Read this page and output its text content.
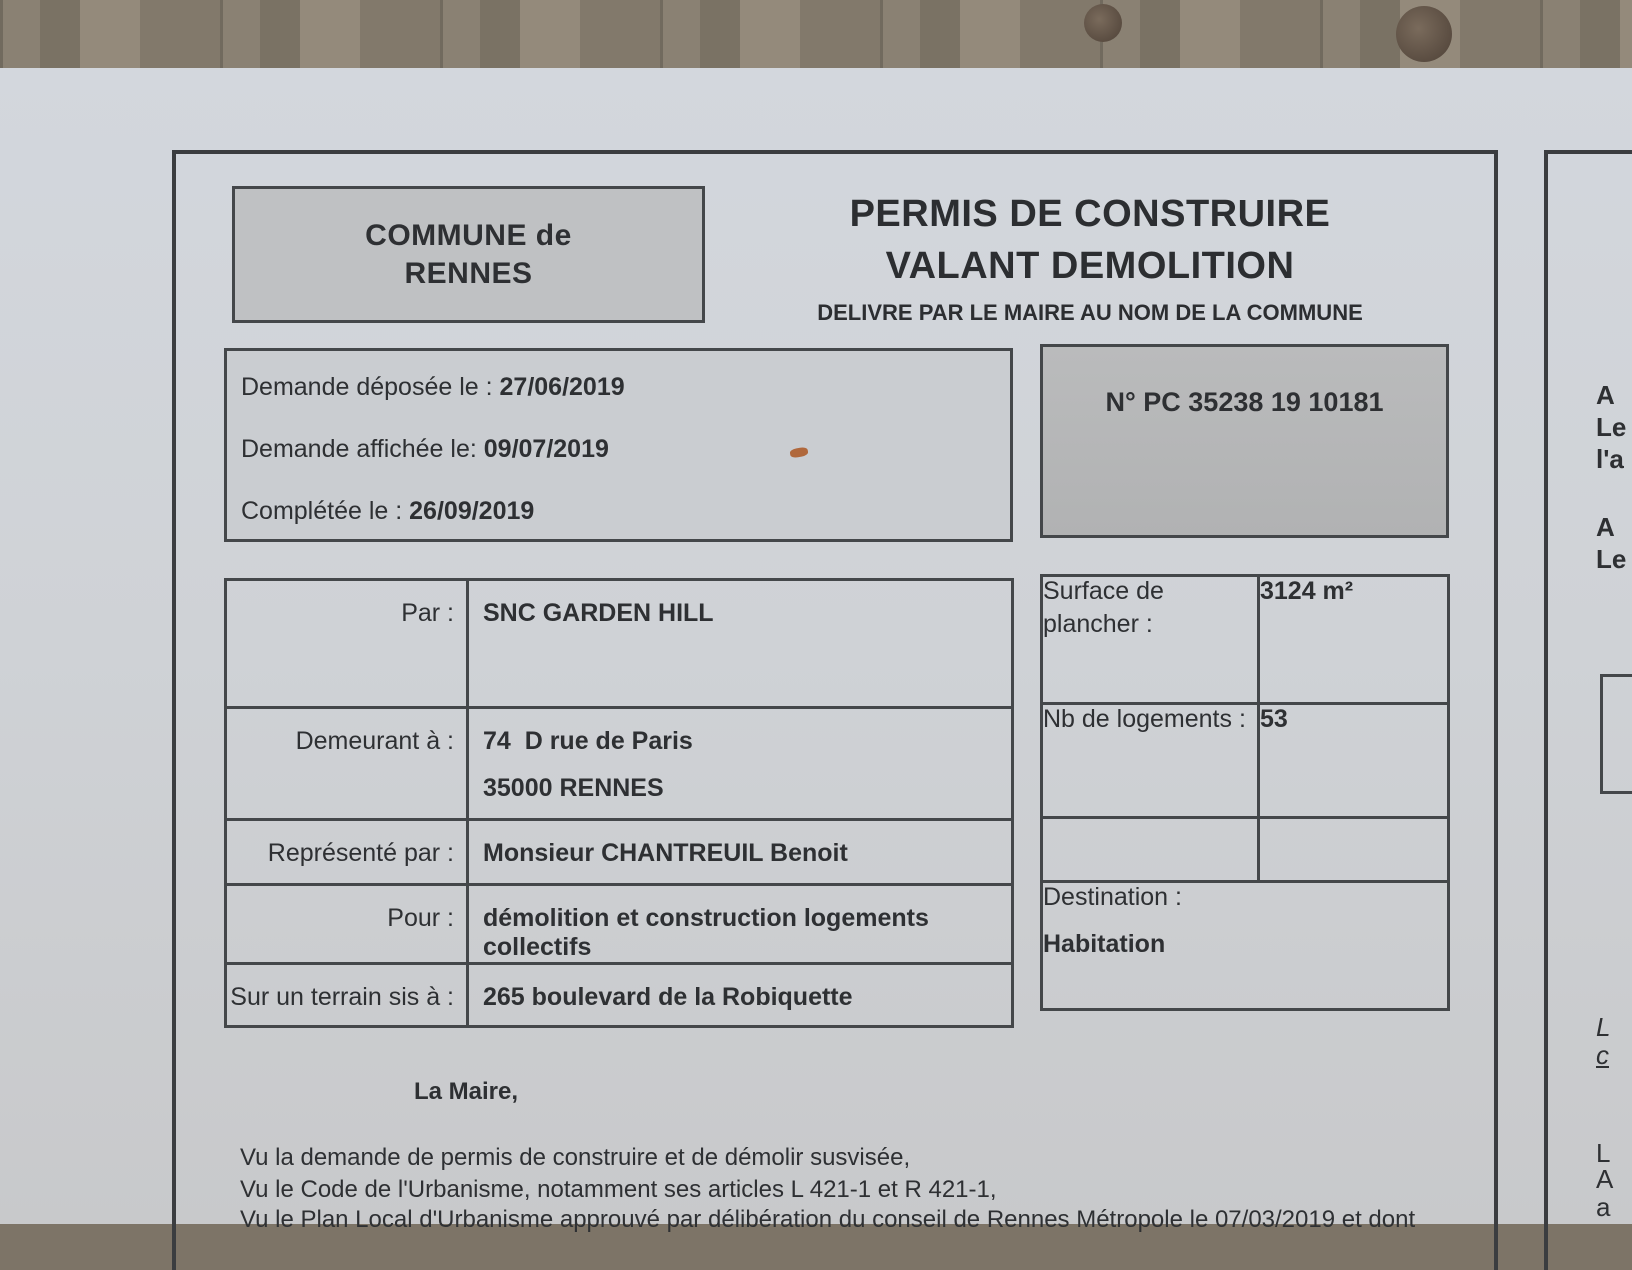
COMMUNE de
RENNES
PERMIS DE CONSTRUIRE
VALANT DEMOLITION
DELIVRE PAR LE MAIRE AU NOM DE LA COMMUNE
Demande déposée le : 27/06/2019
Demande affichée le: 09/07/2019
Complétée le : 26/09/2019
N° PC 35238 19 10181
Par :	SNC GARDEN HILL
Demeurant à :	74  D rue de Paris
35000 RENNES

Représenté par :	Monsieur CHANTREUIL Benoit
Pour :	démolition et construction logements collectifs
Sur un terrain sis à :	265 boulevard de la Robiquette
Surface de
plancher :	3124 m²
Nb de logements :	53

Destination :
Habitation	
La Maire,
Vu la demande de permis de construire et de démolir susvisée,
Vu le Code de l'Urbanisme, notamment ses articles L 421-1 et R 421-1,
Vu le Plan Local d'Urbanisme approuvé par délibération du conseil de Rennes Métropole le 07/03/2019 et dont
A
Le
l'a
A
Le
L
c
L
A
a
